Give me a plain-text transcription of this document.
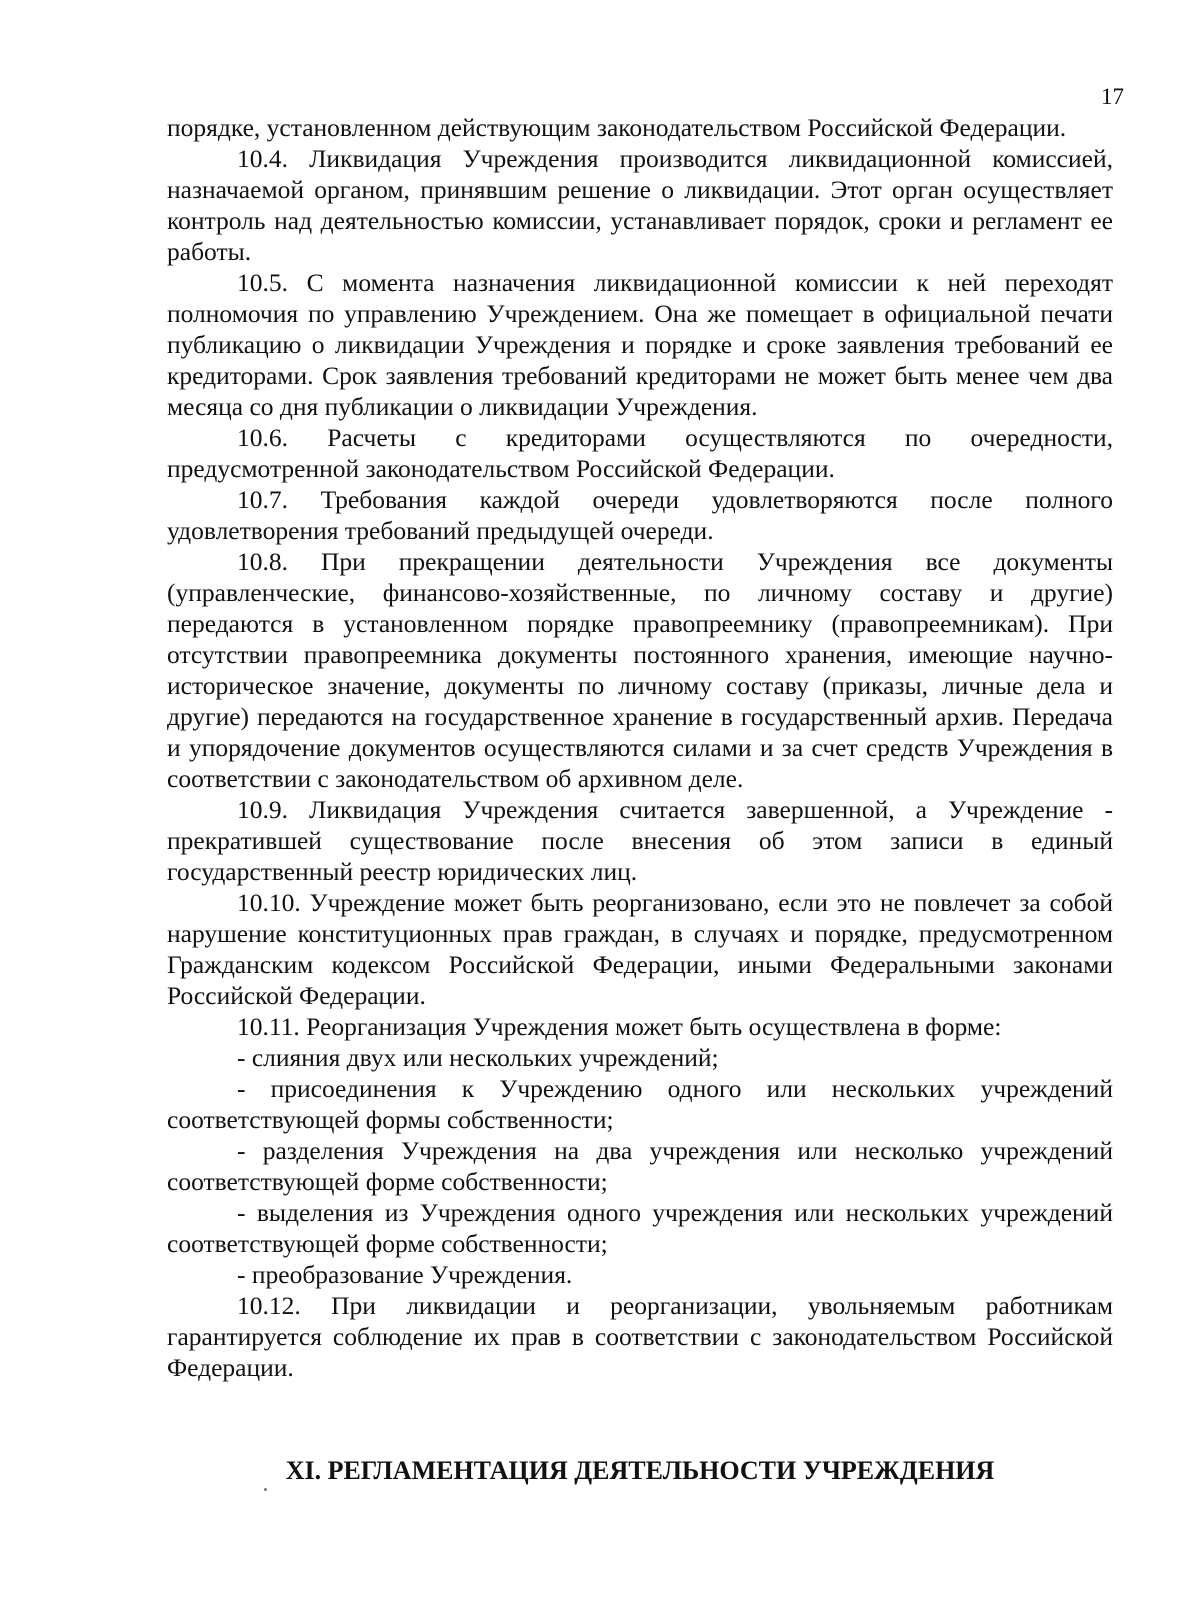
17

порядке, установленном действующим законодательством Российской Федерации.

10.4. Ликвидация Учреждения производится ликвидационной комиссией, назначаемой органом, принявшим решение о ликвидации. Этот орган осуществляет контроль над деятельностью комиссии, устанавливает порядок, сроки и регламент ее работы.

10.5. С момента назначения ликвидационной комиссии к ней переходят полномочия по управлению Учреждением. Она же помещает в официальной печати публикацию о ликвидации Учреждения и порядке и сроке заявления требований ее кредиторами. Срок заявления требований кредиторами не может быть менее чем два месяца со дня публикации о ликвидации Учреждения.

10.6. Расчеты с кредиторами осуществляются по очередности, предусмотренной законодательством Российской Федерации.

10.7. Требования каждой очереди удовлетворяются после полного удовлетворения требований предыдущей очереди.

10.8. При прекращении деятельности Учреждения все документы (управленческие, финансово-хозяйственные, по личному составу и другие) передаются в установленном порядке правопреемнику (правопреемникам). При отсутствии правопреемника документы постоянного хранения, имеющие научно-историческое значение, документы по личному составу (приказы, личные дела и другие) передаются на государственное хранение в государственный архив. Передача и упорядочение документов осуществляются силами и за счет средств Учреждения в соответствии с законодательством об архивном деле.

10.9. Ликвидация Учреждения считается завершенной, а Учреждение - прекратившей существование после внесения об этом записи в единый государственный реестр юридических лиц.

10.10. Учреждение может быть реорганизовано, если это не повлечет за собой нарушение конституционных прав граждан, в случаях и порядке, предусмотренном Гражданским кодексом Российской Федерации, иными Федеральными законами Российской Федерации.

10.11. Реорганизация Учреждения может быть осуществлена в форме:

- слияния двух или нескольких учреждений;

- присоединения к Учреждению одного или нескольких учреждений соответствующей формы собственности;

- разделения Учреждения на два учреждения или несколько учреждений соответствующей форме собственности;

- выделения из Учреждения одного учреждения или нескольких учреждений соответствующей форме собственности;

- преобразование Учреждения.

10.12. При ликвидации и реорганизации, увольняемым работникам гарантируется соблюдение их прав в соответствии с законодательством Российской Федерации.

XI. РЕГЛАМЕНТАЦИЯ ДЕЯТЕЛЬНОСТИ УЧРЕЖДЕНИЯ
